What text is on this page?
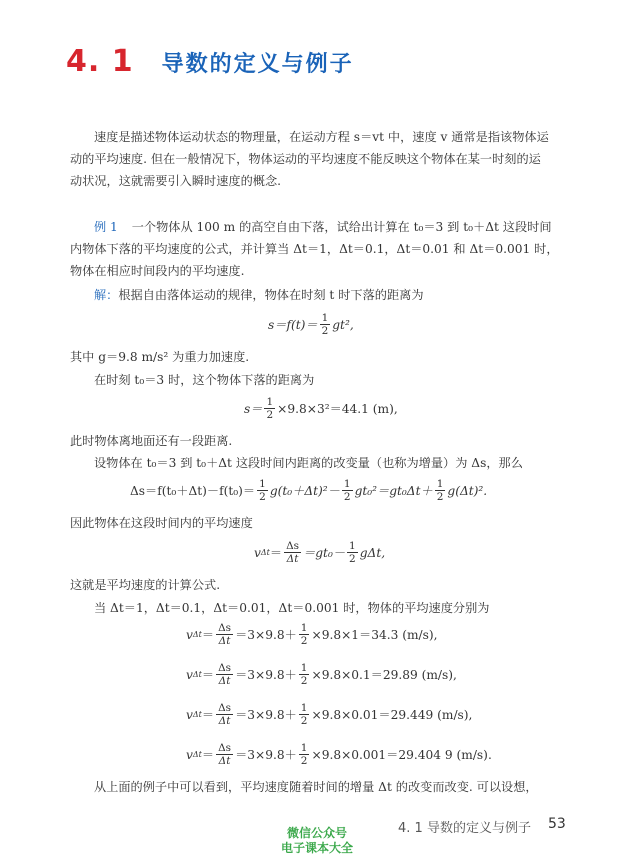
4. 1 导数的定义与例子
速度是描述物体运动状态的物理量，在运动方程 s＝vt 中，速度 v 通常是指该物体运
动的平均速度. 但在一般情况下，物体运动的平均速度不能反映这个物体在某一时刻的运
动状况，这就需要引入瞬时速度的概念.
例 1 一个物体从 100 m 的高空自由下落，试给出计算在 t₀＝3 到 t₀＋Δt 这段时间
内物体下落的平均速度的公式，并计算当 Δt＝1，Δt＝0.1，Δt＝0.01 和 Δt＝0.001 时，
物体在相应时间段内的平均速度.
解：根据自由落体运动的规律，物体在时刻 t 时下落的距离为
$s=f(t)= \frac{1}{2} gt^2$,
其中 g＝9.8 m/s² 为重力加速度.
在时刻 t₀＝3 时，这个物体下落的距离为
$s= \frac{1}{2} \times 9.8\times 3^2=44.1$ (m),
此时物体离地面还有一段距离.
设物体在 t₀＝3 到 t₀＋Δt 这段时间内距离的改变量（也称为增量）为 Δs，那么
$\Delta s=f(t_0+\Delta t)-f(t_0)= \frac{1}{2} g(t_0+\Delta t)^2- \frac{1}{2} gt_0^2=gt_0\Delta t+ \frac{1}{2} g(\Delta t)^2$.
因此物体在这段时间内的平均速度
v $\Delta t = \frac{\Delta s}{\Delta t} =gt_0- \frac{1}{2} g\Delta t$,
这就是平均速度的计算公式.
当 Δt＝1，Δt＝0.1，Δt＝0.01，Δt＝0.001 时，物体的平均速度分别为
v $\Delta t = \frac{\Delta s}{\Delta t} =3\times 9.8+ \frac{1}{2} \times 9.8\times 1=34.3$ (m/s),
v $\Delta t = \frac{\Delta s}{\Delta t} =3\times 9.8+ \frac{1}{2} \times 9.8\times 0.1=29.89$ (m/s),
v $\Delta t = \frac{\Delta s}{\Delta t} =3\times 9.8+ \frac{1}{2} \times 9.8\times 0.01=29.449$ (m/s),
v $\Delta t = \frac{\Delta s}{\Delta t} =3\times 9.8+ \frac{1}{2} \times 9.8\times 0.001=29.404$ 9 (m/s).
从上面的例子中可以看到，平均速度随着时间的增量 Δt 的改变而改变. 可以设想，
4. 1 导数的定义与例子 53
微信公众号
电子课本大全
